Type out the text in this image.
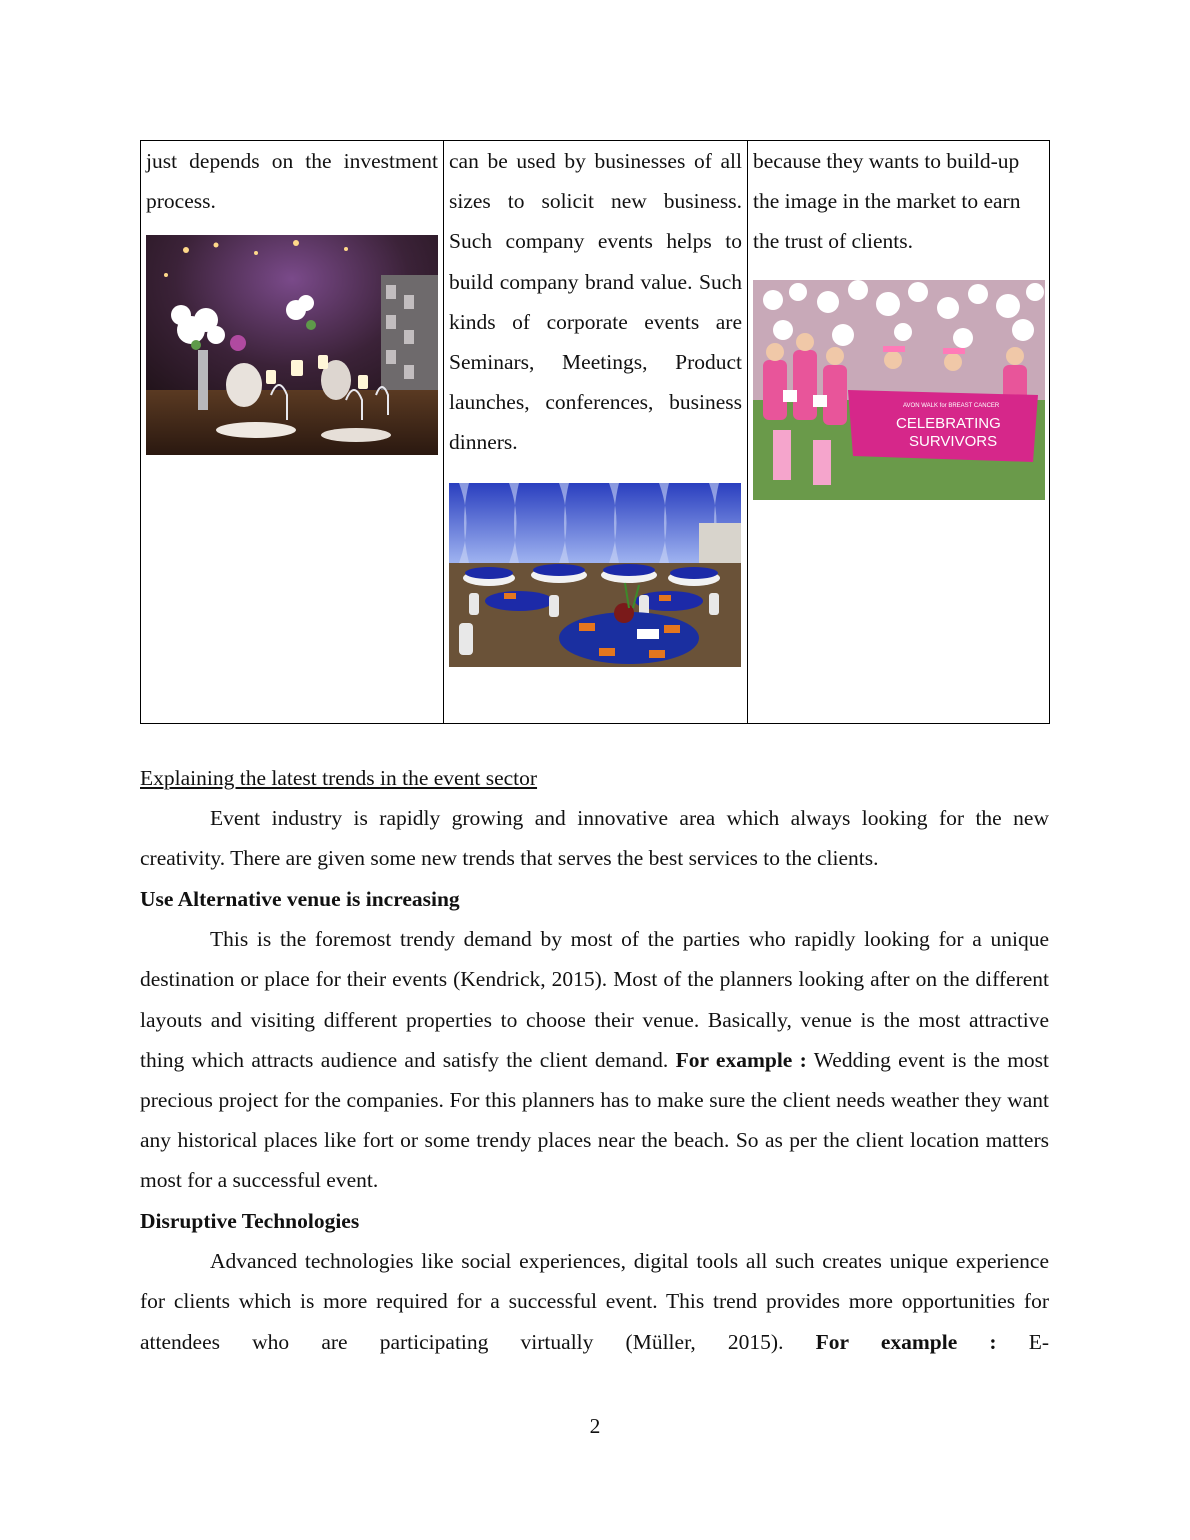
just depends on the investment process.
can be used by businesses of all sizes to solicit new business. Such company events helps to build company brand value. Such kinds of corporate events are Seminars, Meetings, Product launches, conferences, business dinners.
because they wants to build-up the image in the market to earn the trust of clients.
AVON WALK for BREAST CANCER
CELEBRATING
SURVIVORS
Explaining the latest trends in the event sector

Event industry is rapidly growing and innovative area which always looking for the new creativity. There are given some new trends that serves the best services to the clients.

Use Alternative venue is increasing

This is the foremost trendy demand by most of the parties who rapidly looking for a unique destination or place for their events (Kendrick, 2015). Most of the planners looking after on the different layouts and visiting different properties to choose their venue. Basically, venue is the most attractive thing which attracts audience and satisfy the client demand. For example : Wedding event is the most precious project for the companies. For this planners has to make sure the client needs weather they want any historical places like fort or some trendy places near the beach. So as per the client location matters most for a successful event.

Disruptive Technologies

Advanced technologies like social experiences, digital tools all such creates unique experience for clients which is more required for a successful event. This trend provides more opportunities for attendees who are participating virtually (Müller, 2015). For example : E-

2
